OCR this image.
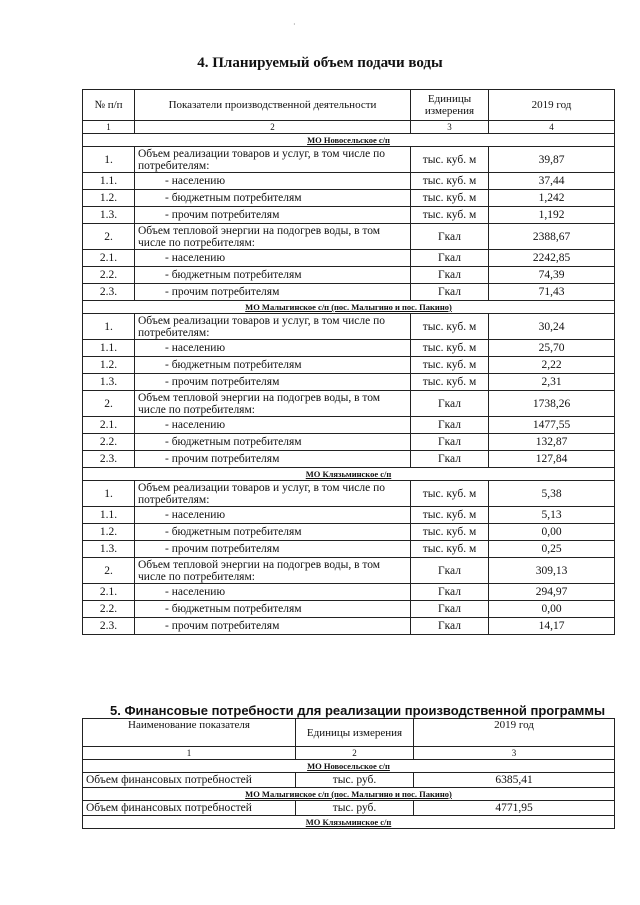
·
4. Планируемый объем подачи воды
№ п/п	Показатели производственной деятельности	Единицы измерения	2019 год
1	2	3	4
МО Новосельское с/п			
1.	Объем реализации товаров и услуг, в том числе по потребителям:	тыс. куб. м	39,87
1.1.	- населению	тыс. куб. м	37,44
1.2.	- бюджетным потребителям	тыс. куб. м	1,242
1.3.	- прочим потребителям	тыс. куб. м	1,192
2.	Объем тепловой энергии на подогрев воды, в том числе по потребителям:	Гкал	2388,67
2.1.	- населению	Гкал	2242,85
2.2.	- бюджетным потребителям	Гкал	74,39
2.3.	- прочим потребителям	Гкал	71,43
МО Малыгинское с/п (пос. Малыгино и пос. Пакино)			
1.	Объем реализации товаров и услуг, в том числе по потребителям:	тыс. куб. м	30,24
1.1.	- населению	тыс. куб. м	25,70
1.2.	- бюджетным потребителям	тыс. куб. м	2,22
1.3.	- прочим потребителям	тыс. куб. м	2,31
2.	Объем тепловой энергии на подогрев воды, в том числе по потребителям:	Гкал	1738,26
2.1.	- населению	Гкал	1477,55
2.2.	- бюджетным потребителям	Гкал	132,87
2.3.	- прочим потребителям	Гкал	127,84
МО Клязьминское с/п			
1.	Объем реализации товаров и услуг, в том числе по потребителям:	тыс. куб. м	5,38
1.1.	- населению	тыс. куб. м	5,13
1.2.	- бюджетным потребителям	тыс. куб. м	0,00
1.3.	- прочим потребителям	тыс. куб. м	0,25
2.	Объем тепловой энергии на подогрев воды, в том числе по потребителям:	Гкал	309,13
2.1.	- населению	Гкал	294,97
2.2.	- бюджетным потребителям	Гкал	0,00
2.3.	- прочим потребителям	Гкал	14,17
5. Финансовые потребности для реализации производственной программы
Наименование показателя	Единицы измерения	2019 год
1	2	3
МО Новосельское с/п		
Объем финансовых потребностей	тыс. руб.	6385,41
МО Малыгинское с/п (пос. Малыгино и пос. Пакино)		
Объем финансовых потребностей	тыс. руб.	4771,95
МО Клязьминское с/п		
